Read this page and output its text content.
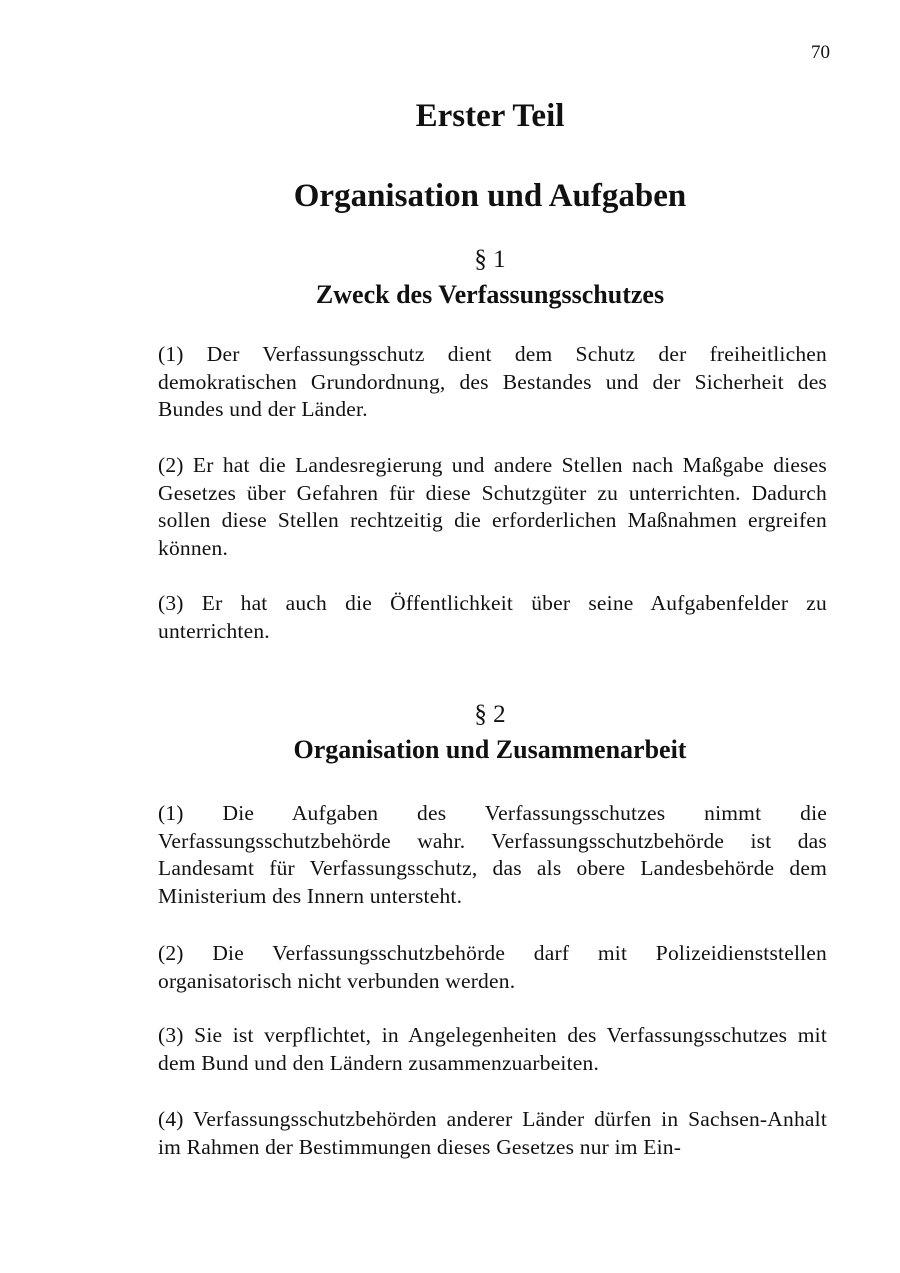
70
Erster Teil
Organisation und Aufgaben
§ 1
Zweck des Verfassungsschutzes

(1) Der Verfassungsschutz dient dem Schutz der freiheitlichen demokratischen Grundordnung, des Bestandes und der Sicherheit des Bundes und der Länder.

(2) Er hat die Landesregierung und andere Stellen nach Maßgabe dieses Gesetzes über Gefahren für diese Schutzgüter zu unterrichten. Dadurch sollen diese Stellen rechtzeitig die erforderlichen Maßnahmen ergreifen können.

(3) Er hat auch die Öffentlichkeit über seine Aufgabenfelder zu unterrichten.

§ 2
Organisation und Zusammenarbeit

(1) Die Aufgaben des Verfassungsschutzes nimmt die Verfassungsschutzbehörde wahr. Verfassungsschutzbehörde ist das Landesamt für Verfassungsschutz, das als obere Landesbehörde dem Ministerium des Innern untersteht.

(2) Die Verfassungsschutzbehörde darf mit Polizeidienststellen organisatorisch nicht verbunden werden.

(3) Sie ist verpflichtet, in Angelegenheiten des Verfassungsschutzes mit dem Bund und den Ländern zusammenzuarbeiten.

(4) Verfassungsschutzbehörden anderer Länder dürfen in Sachsen-Anhalt im Rahmen der Bestimmungen dieses Gesetzes nur im Ein-
